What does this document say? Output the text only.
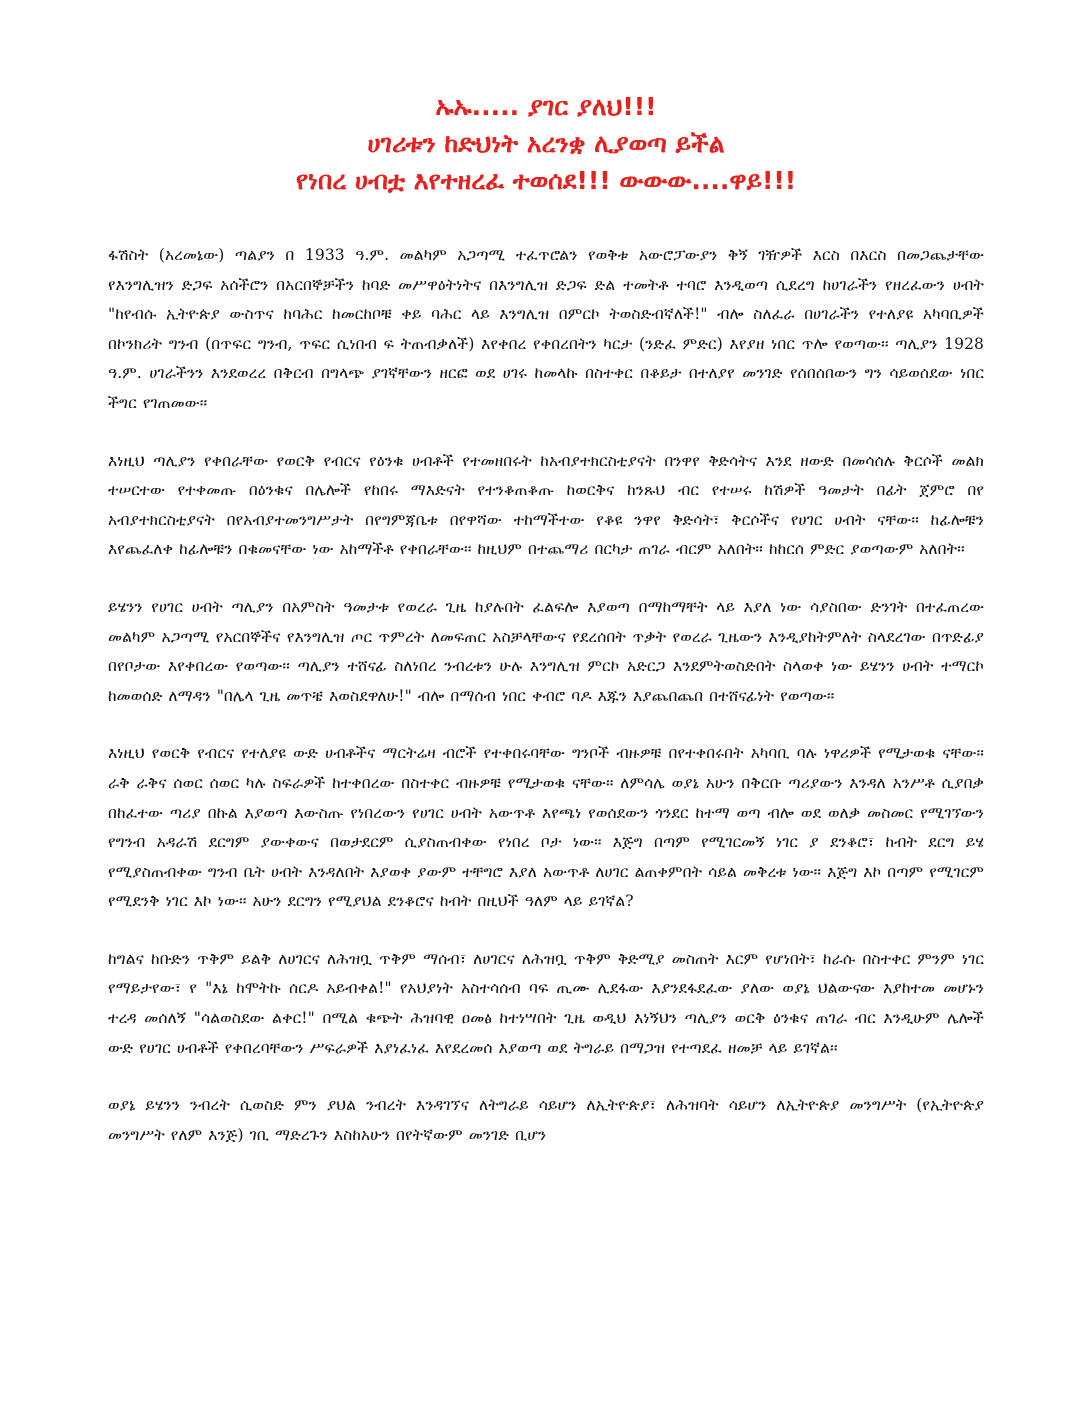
ኡኡ..... ያገር ያለህ!!!
ሀገሪቱን ከድህነት አረንቋ ሊያወጣ ይችል
የነበረ ሀብቷ እየተዘረፈ ተወሰደ!!! ውውው....ዋይ!!!

ፋሽስት (አረመኔው) ጣልያን በ 1933 ዓ.ም. መልካም አጋጣሚ ተፈጥሮልን የወቅቱ አውሮፓውያን ቅኝ ገዥዎች እርስ በእርስ በመጋጨታቸው የእንግሊዝን ድጋፍ አሰችሮን በአርበኞቻችን ከባድ መሥዋዕትነትና በእንግሊዝ ድጋፍ ድል ተመትቶ ተባሮ እንዲወጣ ሲደረግ ከሀገራችን የዘረፈውን ሀብት "ከየብሱ ኢትዮጵያ ውስጥና ከባሕር ከመርከቦቹ ቀይ ባሕር ላይ እንግሊዝ በምርኮ ትወስድብኛለች!" ብሎ ስለፈራ በሀገራችን የተለያዩ አካባቢዎች በኮንክሪት ግንብ (በጥፍር ግንብ, ጥፍር ሲነበብ ፍ ትጠብቃለች) እየቀበረ የቀበረበትን ካርታ (ንድፈ ምድር) እየያዘ ነበር ጥሎ የወጣው፡፡ ጣሊያን 1928 ዓ.ም. ሀገራችንን እንደወረረ በቅርብ በግላጭ ያገኛቸውን ዘርፎ ወደ ሀገሩ ከመላኩ በስተቀር በቆይታ በተለያየ መንገድ የሰበሰበውን ግን ሳይወሰደው ነበር ችግር የገጠመው፡፡

እነዚህ ጣሊያን የቀበራቸው የወርቅ የብርና የዕንቁ ሀብቶች የተመዘበሩት ከአብያተክርስቲያናት በንዋየ ቅድሳትና እንደ ዘውድ በመሳሰሉ ቅርሶች መልክ ተሠርተው የተቀመጡ በዕንቁና በሌሎች የከበሩ ማእድናት የተንቆጠቆጡ ከወርቅና ከንጹህ ብር የተሠሩ ከሽዎች ዓመታት በፊት ጀምሮ በየ አብያተክርስቲያናት በየአብያተመንግሥታት በየግምጃቤቱ በየዋሻው ተከማችተው የቆዩ ንዋየ ቅድሳት፣ ቅርሶችና የሀገር ሀብት ናቸው፡፡ ከፊሎቹን እየጨፈለቀ ከፊሎቹን በቁመናቸው ነው አከማችቶ የቀበራቸው፡፡ ከዚህም በተጨማሪ በርካታ ጠገራ ብርም አለበት፡፡ ከከርሰ ምድር ያወጣውም አለበት፡፡

ይሄንን የሀገር ሀብት ጣሊያን በአምስት ዓመታቱ የወረራ ጊዜ ከያሉበት ፈልፍሎ እያወጣ በማከማቸት ላይ እያለ ነው ሳያስበው ድንገት በተፈጠረው መልካም አጋጣሚ የአርበኞችና የእንግሊዝ ጦር ጥምረት ለመፍጠር አስቻላቸውና የደረሰበት ጥቃት የወረራ ጊዜውን እንዲያከትምለት ስላደረገው በጥድፊያ በየቦታው እየቀበረው የወጣው፡፡ ጣሊያን ተሸናፊ ስለነበረ ንብረቱን ሁሉ እንግሊዝ ምርኮ አድርጋ እንደምትወስድበት ስላወቀ ነው ይሄንን ሀብት ተማርኮ ከመወሰድ ለማዳን "በሌላ ጊዜ መጥቼ እወስደዋለሁ!" ብሎ በማሰብ ነበር ቀብሮ ባዶ እጁን እያጨበጨበ በተሸናፊነት የወጣው፡፡

እነዚህ የወርቅ የብርና የተለያዩ ውድ ሀብቶችና ማርትሬዛ ብሮች የተቀበሩባቸው ግንቦች ብዙዎቹ በየተቀበሩበት አካባቢ ባሉ ነዋሪዎች የሚታወቁ ናቸው፡፡ ራቅ ራቅና ሰወር ሰወር ካሉ ስፍራዎች ከተቀበረው በስተቀር ብዙዎቹ የሚታወቁ ናቸው፡፡ ለምሳሌ ወያኔ አሁን በቅርቡ ጣሪያውን እንዳለ አንሥቶ ሲያበቃ በከፈተው ጣሪያ በኩል እያወጣ እውስጡ የነበረውን የሀገር ሀብት አውጥቶ እየጫነ የወሰደውን ጎንደር ከተማ ወጣ ብሎ ወደ ወለቃ መስመር የሚገኘውን የግንብ አዳራሽ ደርግም ያውቀውና በወታደርም ሲያስጠብቀው የነበረ ቦታ ነው፡፡ እጅግ በጣም የሚገርመኝ ነገር ያ ደንቆሮ፣ ከብት ደርግ ይሄ የሚያስጠብቀው ግንብ ቤት ሀብት እንዳለበት እያወቀ ያውም ተቸግሮ እያለ አውጥቶ ለሀገር ልጠቀምበት ሳይል መቅረቱ ነው፡፡ እጅግ እኮ በጣም የሚገርም የሚደንቅ ነገር እኮ ነው፡፡ አሁን ደርግን የሚያህል ደንቆሮና ከብት በዚህች ዓለም ላይ ይገኛል?

ከግልና ከቡድን ጥቅም ይልቅ ለሀገርና ለሕዝቧ ጥቅም ማሰብ፣ ለሀገርና ለሕዝቧ ጥቅም ቅድሚያ መስጠት እርም የሆነበት፣ ከራሱ በስተቀር ምንም ነገር የማይታየው፣ የ "እኔ ከሞትኩ ሰርዶ አይብቀል!" የአህያነት አስተሳሰብ ባፍ ጢሙ ሊደፋው እያንደፋደፈው ያለው ወያኔ ህልውናው እያከተመ መሆኑን ተረዳ መሰለኝ "ሳልወስደው ልቀር!" በሚል ቁጭት ሕዝባዊ ዐመፅ ከተነሣበት ጊዜ ወዲህ እነኝህን ጣሊያን ወርቅ ዕንቁና ጠገራ ብር እንዲሁም ሌሎች ውድ የሀገር ሀብቶች የቀበረባቸውን ሥፍራዎች እያነፈነፈ እየደረመሰ እያወጣ ወደ ትግራይ በማጋዝ የተጣደፈ ዘመቻ ላይ ይገኛል፡፡

ወያኔ ይሄንን ንብረት ሲወስድ ምን ያህል ንብረት እንዳገኘና ለትግራይ ሳይሆን ለኢትዮጵያ፣ ለሕዝባት ሳይሆን ለኢትዮጵያ መንግሥት (የኢትዮጵያ መንግሥት የለም እንጅ) ገቢ ማድረጉን እስከአሁን በየትኛውም መንገድ ቢሆን
